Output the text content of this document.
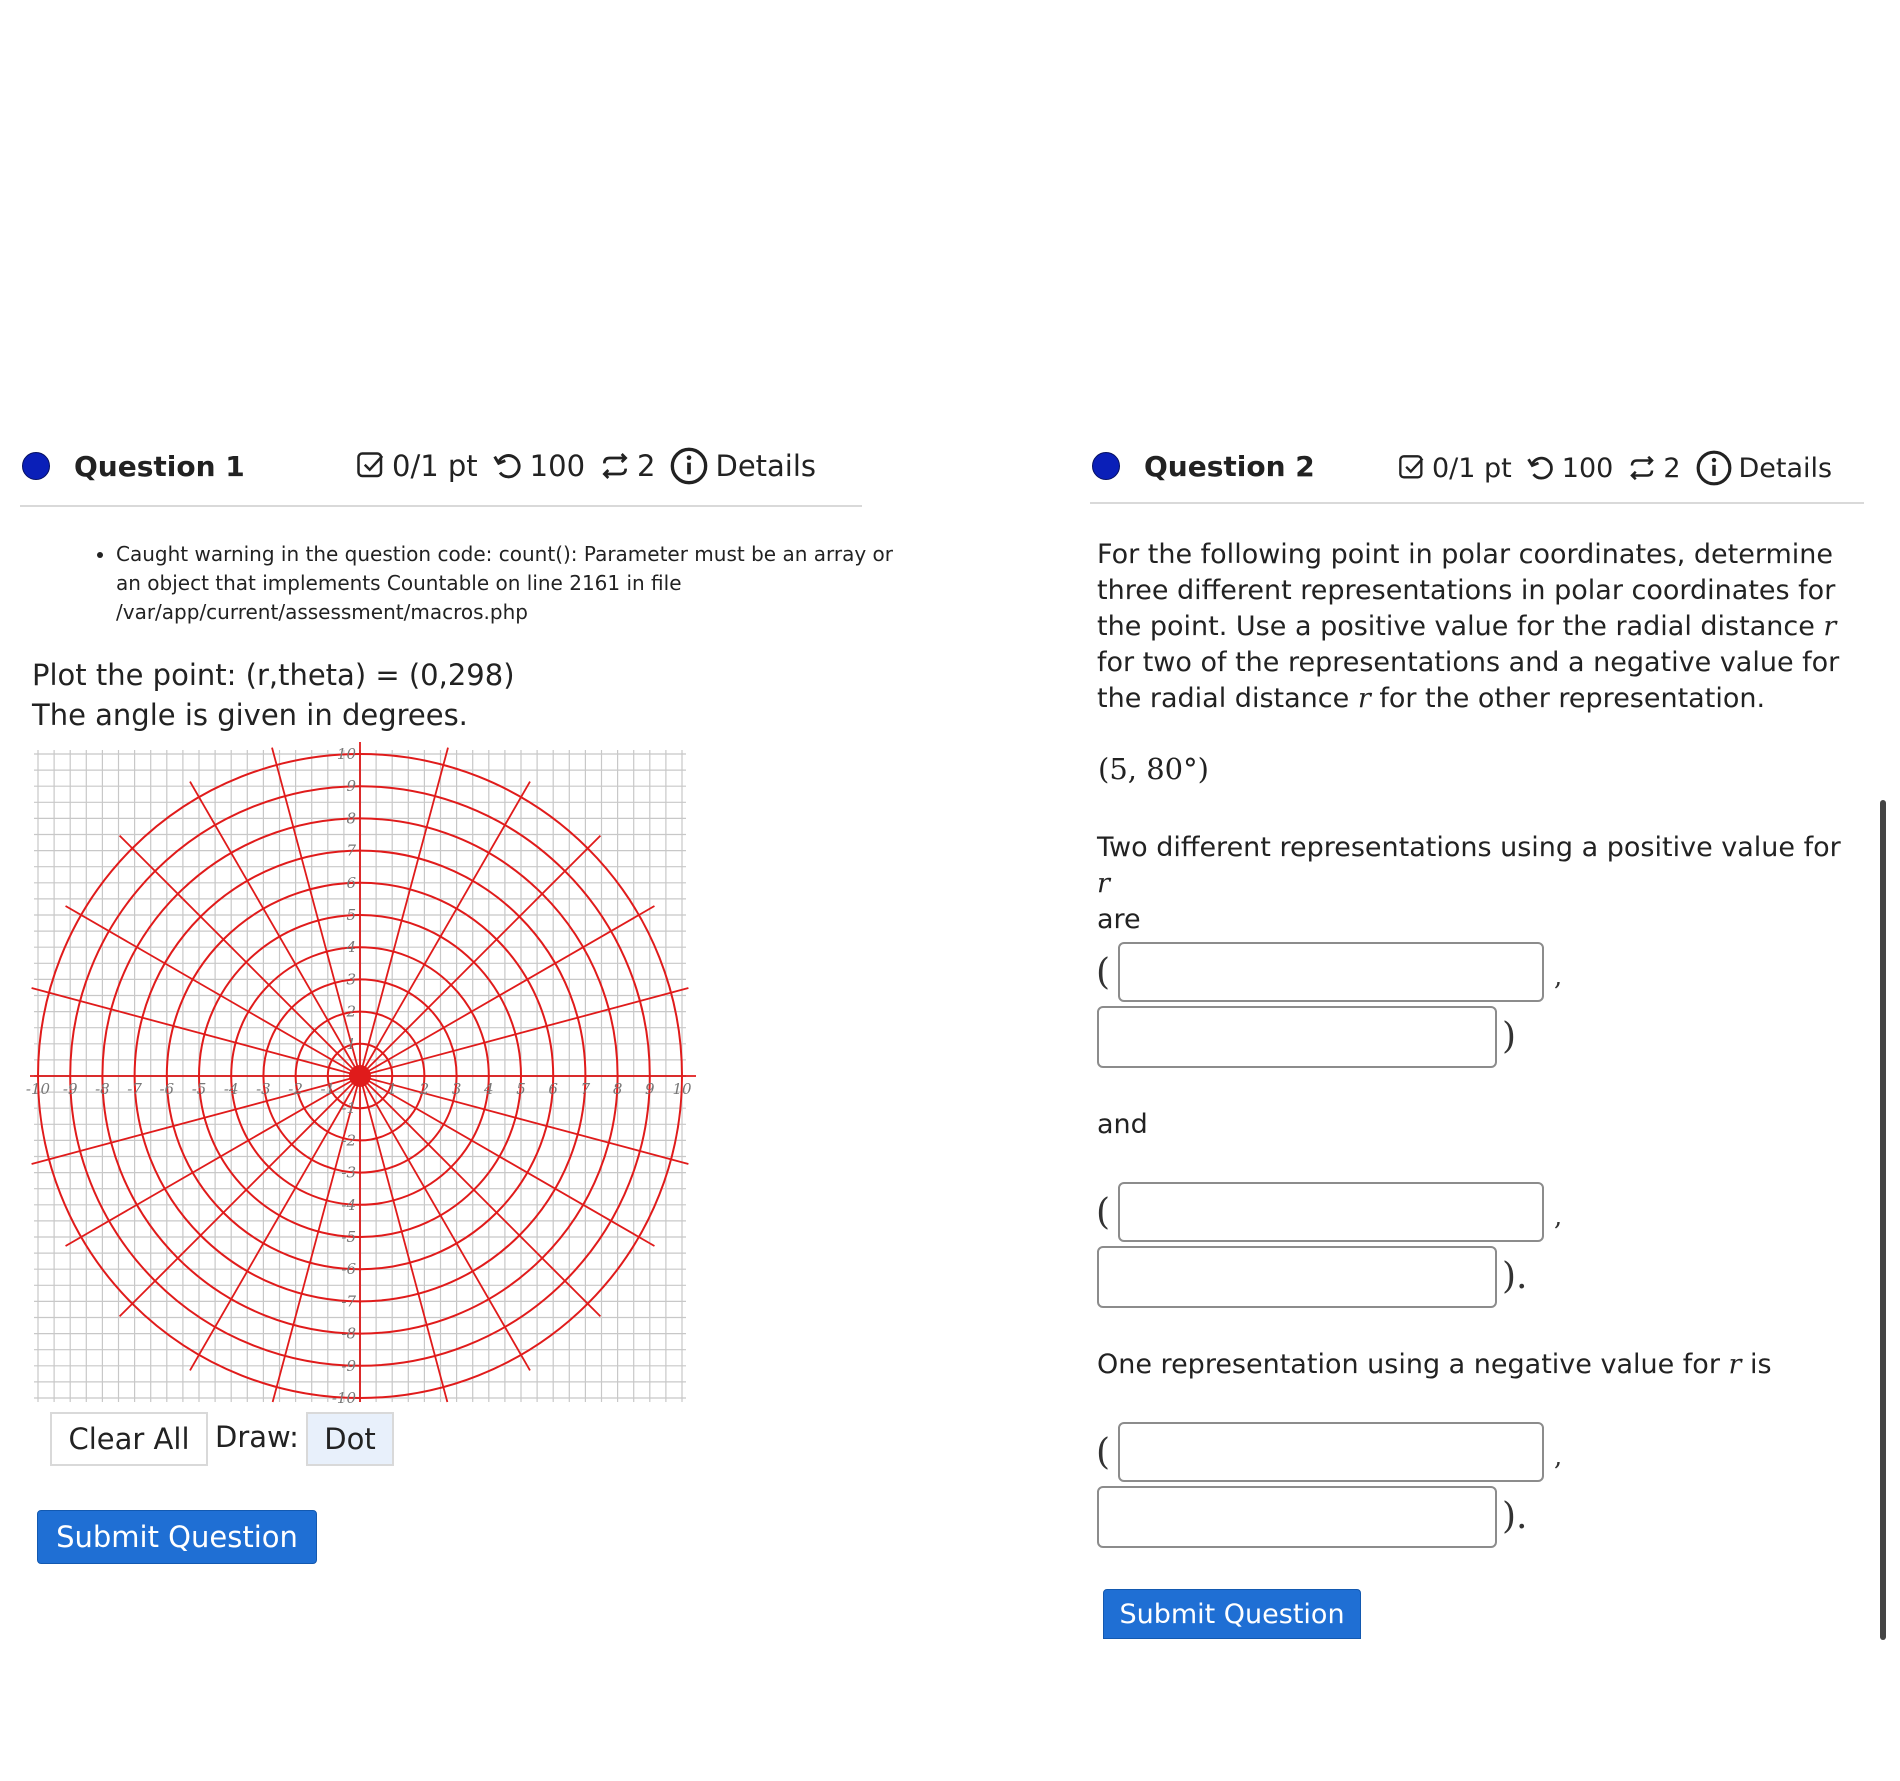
Question 1	0/1 pt 100 2 Details
• Caught warning in the question code: count(): Parameter must be an array or an object that implements Countable on line 2161 in file /var/app/current/assessment/macros.php
Plot the point: (r,theta) = (0,298)
The angle is given in degrees.
-10 -9 -8 -7 -6 -5 -4 -3 -2 -1	1 2 3 4 5 6 7 8 9 10
-10
-9
-8
-7
-6
-5
-4
-3
-2
-1
1
2
3
4
5
6
7
8
9
10
Clear All Draw: Dot
Submit Question
Question 2	0/1 pt 100 2 Details
For the following point in polar coordinates, determine three different representations in polar coordinates for the point. Use a positive value for the radial distance r for two of the representations and a negative value for the radial distance r for the other representation.
(5, 80°)
Two different representations using a positive value for r
are
(	,
)
and
(	,
).
One representation using a negative value for r is
(	,
).
Submit Question
